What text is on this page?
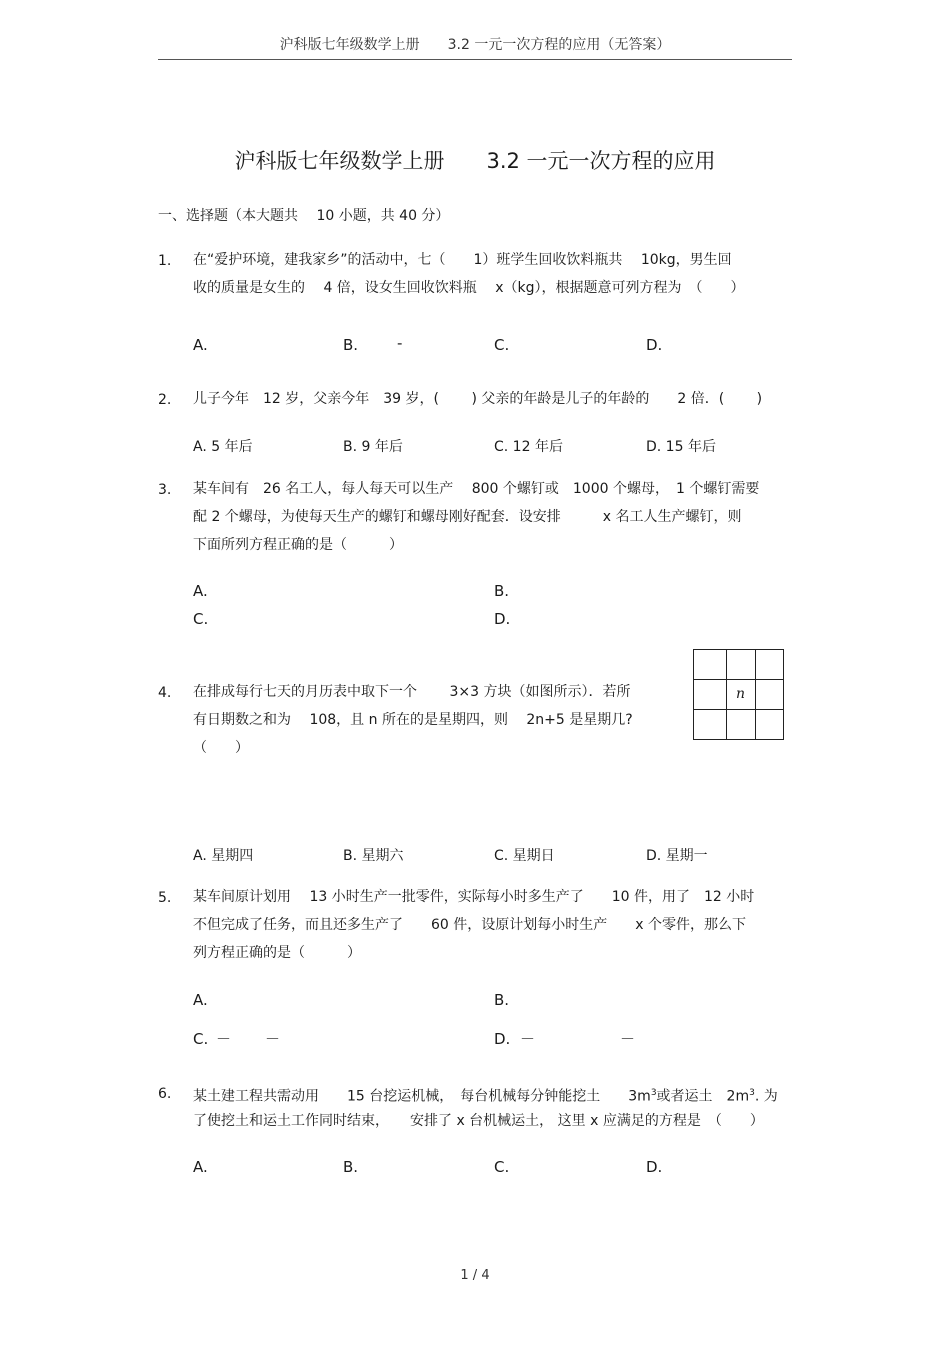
沪科版七年级数学上册　　3.2 一元一次方程的应用（无答案）
沪科版七年级数学上册　　3.2 一元一次方程的应用
一、选择题（本大题共　 10 小题，共 40 分）
1. 在“爱护环境，建我家乡”的活动中，七（　　1）班学生回收饮料瓶共　 10kg，男生回
收的质量是女生的　 4 倍，设女生回收饮料瓶　 x（kg），根据题意可列方程为　（　　）
A.	B.	-	C.	D.
2. 儿子今年　12 岁，父亲今年　39 岁，(　　 ) 父亲的年龄是儿子的年龄的　　2 倍．(　　 )
A. 5 年后	B. 9 年后	C. 12 年后	D. 15 年后
3. 某车间有　26 名工人，每人每天可以生产　 800 个螺钉或　1000 个螺母，　1 个螺钉需要
配 2 个螺母，为使每天生产的螺钉和螺母刚好配套．设安排　　　x 名工人生产螺钉，则
下面所列方程正确的是（　　　）
A.	B.
C.	D.
4. 在排成每行七天的月历表中取下一个　　 3×3 方块（如图所示）．若所
有日期数之和为　 108，且 n 所在的是星期四，则　 2n+5 是星期几?
（　　）
n
A. 星期四	B. 星期六	C. 星期日	D. 星期一
5. 某车间原计划用　 13 小时生产一批零件，实际每小时多生产了　　10 件，用了　12 小时
不但完成了任务，而且还多生产了　　60 件，设原计划每小时生产　　x 个零件，那么下
列方程正确的是（　　　）
A.	B.
C. － －	D. －	－
6. 某土建工程共需动用　　15 台挖运机械，　每台机械每分钟能挖土　　$3m^3$或者运土　$2m^3$. 为
了使挖土和运土工作同时结束，　　安排了 x 台机械运土， 这里 x 应满足的方程是　（　　）
A.	B.	C.	D.
1 / 4
